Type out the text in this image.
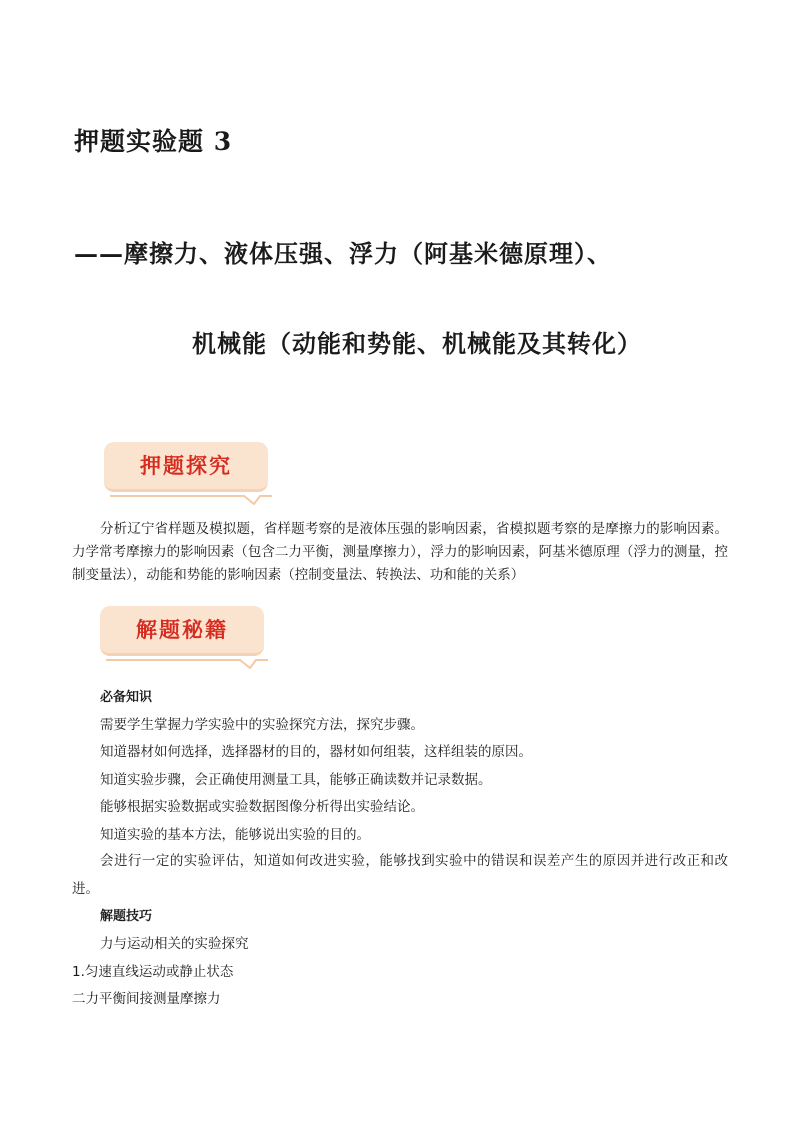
押题实验题 3
——摩擦力、液体压强、浮力（阿基米德原理）、
机械能（动能和势能、机械能及其转化）
押题探究

分析辽宁省样题及模拟题，省样题考察的是液体压强的影响因素，省模拟题考察的是摩擦力的影响因素。力学常考摩擦力的影响因素（包含二力平衡，测量摩擦力），浮力的影响因素，阿基米德原理（浮力的测量，控制变量法），动能和势能的影响因素（控制变量法、转换法、功和能的关系）

解题秘籍

必备知识

需要学生掌握力学实验中的实验探究方法，探究步骤。

知道器材如何选择，选择器材的目的，器材如何组装，这样组装的原因。

知道实验步骤，会正确使用测量工具，能够正确读数并记录数据。

能够根据实验数据或实验数据图像分析得出实验结论。

知道实验的基本方法，能够说出实验的目的。

会进行一定的实验评估，知道如何改进实验，能够找到实验中的错误和误差产生的原因并进行改正和改进。

解题技巧

力与运动相关的实验探究

1.匀速直线运动或静止状态

二力平衡间接测量摩擦力
